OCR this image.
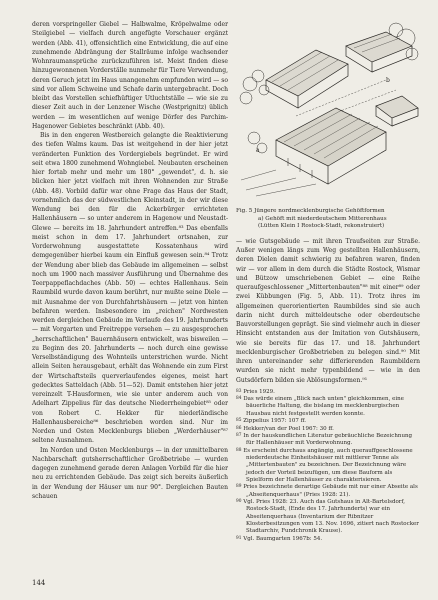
deren vorspringeller Giebel — Halbwalme, Kröpelwalme oder Steilgiebel — vielfach durch angefügte Vorschauer ergänzt werden (Abb. 41), offensichtlich eine Entwicklung, die auf eine zunehmende Abdrängung der Stallräume infolge wachsender Wohnraumansprüche zurückzuführen ist. Meist finden diese hinzugewonnenen Vorderställe nunmehr für Tiere Verwendung, deren Geruch jetzt im Haus unangenehm empfunden wird — so sind vor allem Schweine und Schafe darin untergebracht. Doch bleibt das Vorstellen schiefhüftiger Utluchtställe — wie sie zu dieser Zeit auch in der Lenzener Wische (Westprignitz) üblich werden — im wesentlichen auf wenige Dörfer des Parchim-Hagenower Gebietes beschränkt (Abb. 40).

Bis in den engeren Westbereich gelangte die Reaktivierung des tiefen Walms kaum. Das ist weitgehend in der hier jetzt veränderten Funktion des Vordergiebels begründet. Er wird seit etwa 1800 zunehmend Wohngiebel. Neubauten erscheinen hier fortab mehr und mehr um 180° „gewendet", d. h. sie blicken hier jetzt vielfach mit ihren Wohnenden zur Straße (Abb. 48). Vorbild dafür war ohne Frage das Haus der Stadt, vornehmlich das der südwestlichen Kleinstadt, in der wir diese Wendung bei den für die Ackerbürger errichteten Hallenhäusern — so unter anderem in Hagenow und Neustadt-Glewe — bereits im 18. Jahrhundert antreffen.⁸³ Das ebenfalls meist schon in dem 17. Jahrhundert ortsnahen, zur Vorderwohnung ausgestattete Kossatenhaus wird demgegenüber hierbei kaum ein Einfluß gewesen sein.⁸⁴ Trotz der Wendung aber blieb das Gebäude im allgemeinen — selbst noch um 1900 nach massiver Ausführung und Übernahme des Teerpappeflachdaches (Abb. 50) — echtes Hallenhaus. Sein Raumbild wurde davon kaum berührt, nur mußte seine Diele — mit Ausnahme der von Durchfahrtshäusern — jetzt von hinten befahren werden. Insbesondere im „reichen" Nordwesten werden dergleichen Gebäude im Verlaufe des 19. Jahrhunderts — mit Vorgarten und Freitreppe versehen — zu ausgesprochen „herrschaftlichen" Bauernhäusern entwickelt, was bisweilen — zu Beginn des 20. Jahrhunderts — noch durch eine gewisse Verselbständigung des Wohnteils unterstrichen wurde. Nicht allein Seiten herausgebaut, erhält das Wohnende ein zum First der Wirtschaftsteils querverlaufendes eigenes, meist hart gedecktes Satteldach (Abb. 51—52). Damit entstehen hier jetzt vereinzelt T-Hausformen, wie sie unter anderem auch von Adelhart Zippelius für das deutsche Niederrheingebiet⁸⁵ oder von Robert C. Hekker für niederländische Hallenhausbereiche⁸⁶ beschrieben worden sind. Nur im Norden und Osten Mecklenburgs blieben „Werderhäuser"⁸⁷ seltene Ausnahmen.

Im Norden und Osten Mecklenburgs — in der unmittelbaren Nachbarschaft gutsherrschaftlicher Großbetriebe — wurden dagegen zunehmend gerade deren Anlagen Vorbild für die hier neu zu errichtenden Gebäude. Das zeigt sich bereits äußerlich in der Wendung der Häuser um nur 90°. Dergleichen Bauten schauen

a
b
Fig. 5 Jüngere nordmecklenburgische Gehöftformen
a) Gehöft mit niederdeutschem Mitterenhaus
(Lütten Klein I Rostock-Stadt, rekonstruiert)

— wie Gutsgebäude — mit ihren Traufseiten zur Straße. Außer wenigen längs zum Weg gestellten Hallenhäusern, deren Dielen damit schwierig zu befahren waren, finden wir — vor allem in dem durch die Städte Rostock, Wismar und Bützow umschriebenen Gebiet — eine Reihe queraufgeschlossener „Mittertenbauten"⁸⁸ mit einer⁸⁹ oder zwei Kübbungen (Fig. 5, Abb. 11). Trotz ihres im allgemeinen querorientierten Raumbildes sind sie auch darin nicht durch mitteldeutsche oder oberdeutsche Bauvorstellungen geprägt. Sie sind vielmehr auch in dieser Hinsicht entstanden aus der Imitation von Gutshäusern, wie sie bereits für das 17. und 18. Jahrhundert mecklenburgischer Großbetrieben zu belegen sind.⁹⁰ Mit ihren untereinander sehr differierenden Raumbildern wurden sie nicht mehr typenbildend — wie in den Gutsdörfern bilden sie Ablösungsformen.⁹¹

$^{83}$ Pries 1929.
$^{84}$ Das würde einem „Blick nach unten" gleichkommen, eine bäuerliche Haltung, die bislang im mecklenburgischen Hausbau nicht festgestellt werden konnte.
$^{85}$ Zippelius 1957: 107 ff.
$^{86}$ Hekker/van der Poel 1967: 30 ff.
$^{87}$ In der hauskundlichen Literatur gebräuchliche Bezeichnung für Hallenhäuser mit Vorderwohnung.
$^{88}$ Es erscheint durchaus angängig, auch querauffgeschlossene niederdeutsche Einheitshäuser mit mittlerer Tenne als „Mittertenbauten" zu bezeichnen. Der Bezeichnung wäre jedoch der Vorteil beizufügen, um diese Bauform als Spielform der Hallenhäuser zu charakterisieren.
$^{89}$ Pries bezeichnete derartige Gebäude mit nur einer Abseite als „Abseitenquerhaus" (Pries 1928: 21).
$^{90}$ Vgl. Pries 1928: 23. Auch das Gutshaus in Alt-Bartelsdorf, Rostock-Stadt, (Ende des 17. Jahrhunderts) war ein Abseitenquerhaus (Inventarium der Ribnitzer Klosterbesitzungen vom 13. Nov. 1696, zitiert nach Rostocker Stadtarchiv, Fundchronik Krause).
$^{91}$ Vgl. Baumgarten 1967b: 54.
144
